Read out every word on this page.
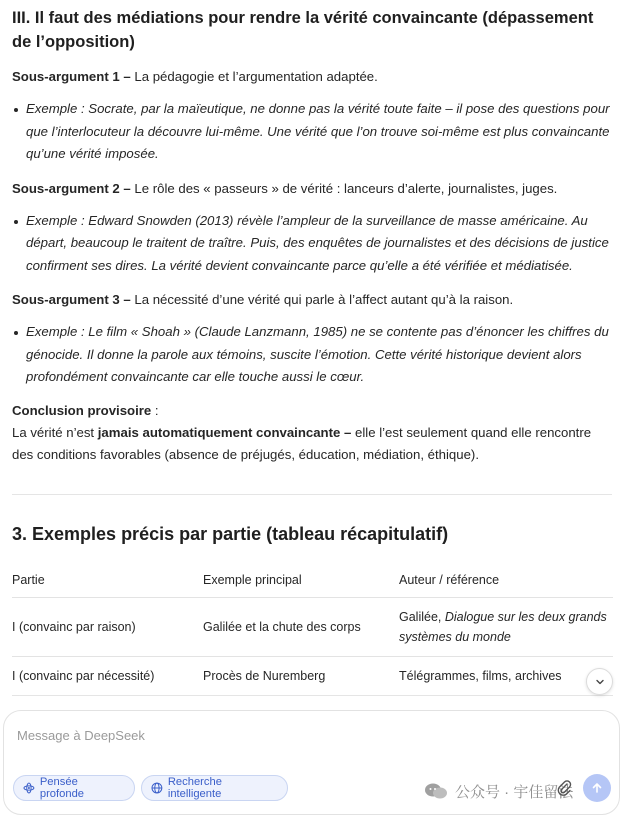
III. Il faut des médiations pour rendre la vérité convaincante (dépassement de l’opposition)

Sous-argument 1 – La pédagogie et l’argumentation adaptée.

Exemple : Socrate, par la maïeutique, ne donne pas la vérité toute faite – il pose des questions pour que l’interlocuteur la découvre lui-même. Une vérité que l’on trouve soi-même est plus convaincante qu’une vérité imposée.

Sous-argument 2 – Le rôle des « passeurs » de vérité : lanceurs d’alerte, journalistes, juges.

Exemple : Edward Snowden (2013) révèle l’ampleur de la surveillance de masse américaine. Au départ, beaucoup le traitent de traître. Puis, des enquêtes de journalistes et des décisions de justice confirment ses dires. La vérité devient convaincante parce qu’elle a été vérifiée et médiatisée.

Sous-argument 3 – La nécessité d’une vérité qui parle à l’affect autant qu’à la raison.

Exemple : Le film « Shoah » (Claude Lanzmann, 1985) ne se contente pas d’énoncer les chiffres du génocide. Il donne la parole aux témoins, suscite l’émotion. Cette vérité historique devient alors profondément convaincante car elle touche aussi le cœur.

Conclusion provisoire :

La vérité n’est jamais automatiquement convaincante – elle l’est seulement quand elle rencontre des conditions favorables (absence de préjugés, éducation, médiation, éthique).

3. Exemples précis par partie (tableau récapitulatif)
Partie	Exemple principal	Auteur / référence
I (convainc par raison)	Galilée et la chute des corps	Galilée, Dialogue sur les deux grands systèmes du monde
I (convainc par nécessité)	Procès de Nuremberg	Télégrammes, films, archives
Message à DeepSeek
Pensée profonde
Recherche intelligente	公众号 · 宇佳留法
